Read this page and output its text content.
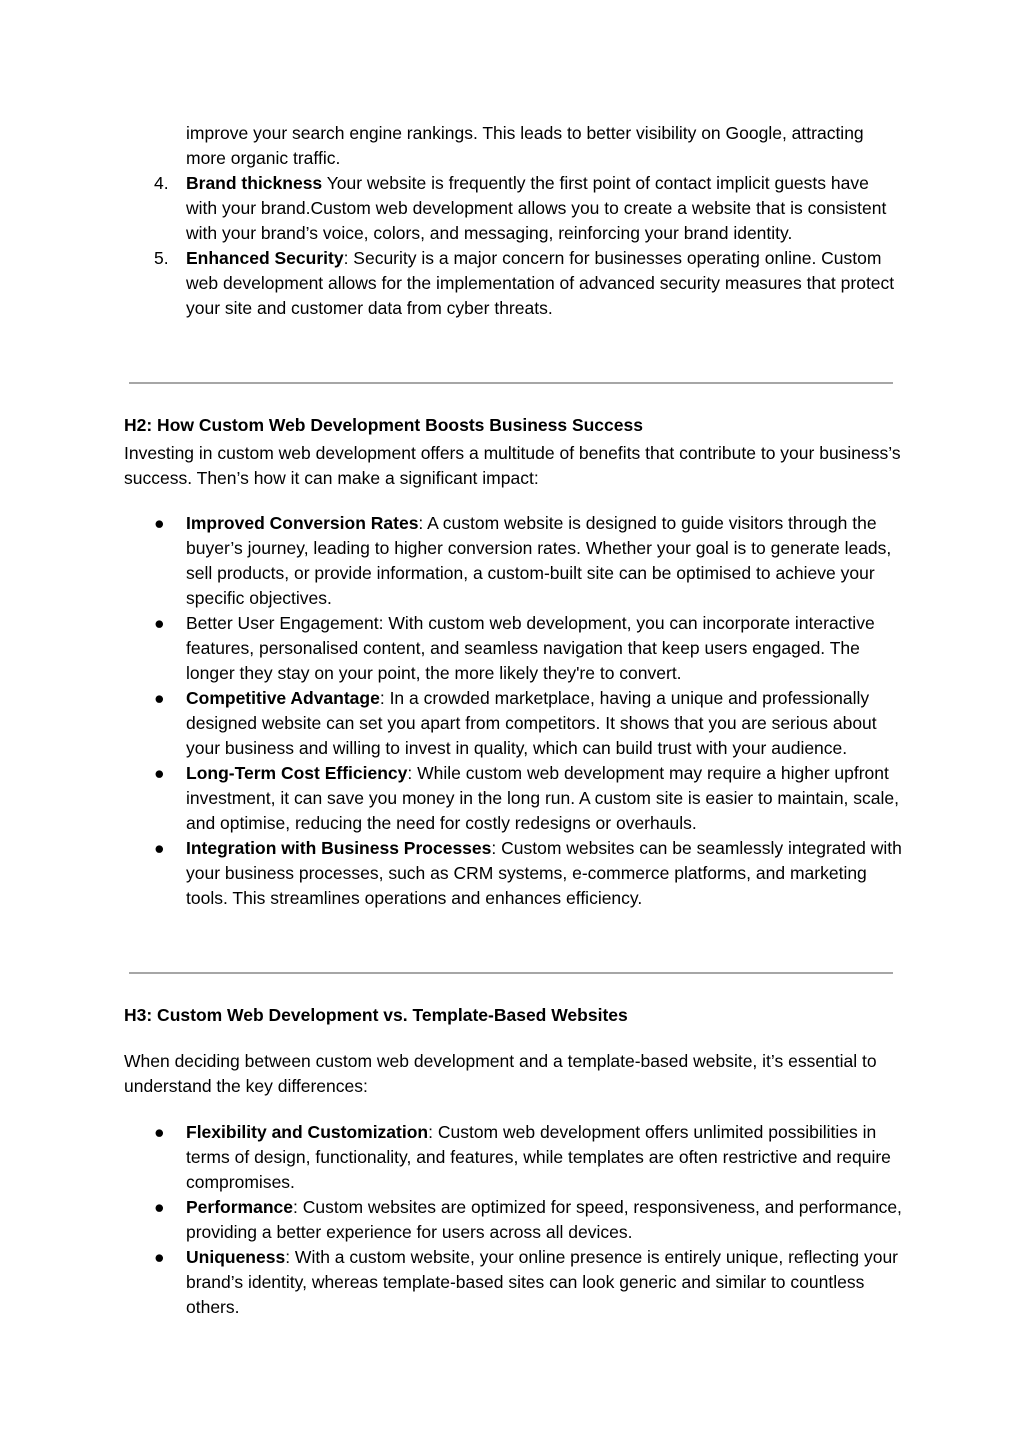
improve your search engine rankings. This leads to better visibility on Google, attracting more organic traffic.

4. Brand thickness Your website is frequently the first point of contact implicit guests have with your brand.Custom web development allows you to create a website that is consistent with your brand’s voice, colors, and messaging, reinforcing your brand identity.
5. Enhanced Security: Security is a major concern for businesses operating online. Custom web development allows for the implementation of advanced security measures that protect your site and customer data from cyber threats.

H2: How Custom Web Development Boosts Business Success

Investing in custom web development offers a multitude of benefits that contribute to your business’s success. Then’s how it can make a significant impact:

● Improved Conversion Rates: A custom website is designed to guide visitors through the buyer’s journey, leading to higher conversion rates. Whether your goal is to generate leads, sell products, or provide information, a custom-built site can be optimised to achieve your specific objectives.
● Better User Engagement: With custom web development, you can incorporate interactive features, personalised content, and seamless navigation that keep users engaged. The longer they stay on your point, the more likely they're to convert.
● Competitive Advantage: In a crowded marketplace, having a unique and professionally designed website can set you apart from competitors. It shows that you are serious about your business and willing to invest in quality, which can build trust with your audience.
● Long-Term Cost Efficiency: While custom web development may require a higher upfront investment, it can save you money in the long run. A custom site is easier to maintain, scale, and optimise, reducing the need for costly redesigns or overhauls.
● Integration with Business Processes: Custom websites can be seamlessly integrated with your business processes, such as CRM systems, e-commerce platforms, and marketing tools. This streamlines operations and enhances efficiency.

H3: Custom Web Development vs. Template-Based Websites

When deciding between custom web development and a template-based website, it’s essential to understand the key differences:

● Flexibility and Customization: Custom web development offers unlimited possibilities in terms of design, functionality, and features, while templates are often restrictive and require compromises.
● Performance: Custom websites are optimized for speed, responsiveness, and performance, providing a better experience for users across all devices.
● Uniqueness: With a custom website, your online presence is entirely unique, reflecting your brand’s identity, whereas template-based sites can look generic and similar to countless others.
